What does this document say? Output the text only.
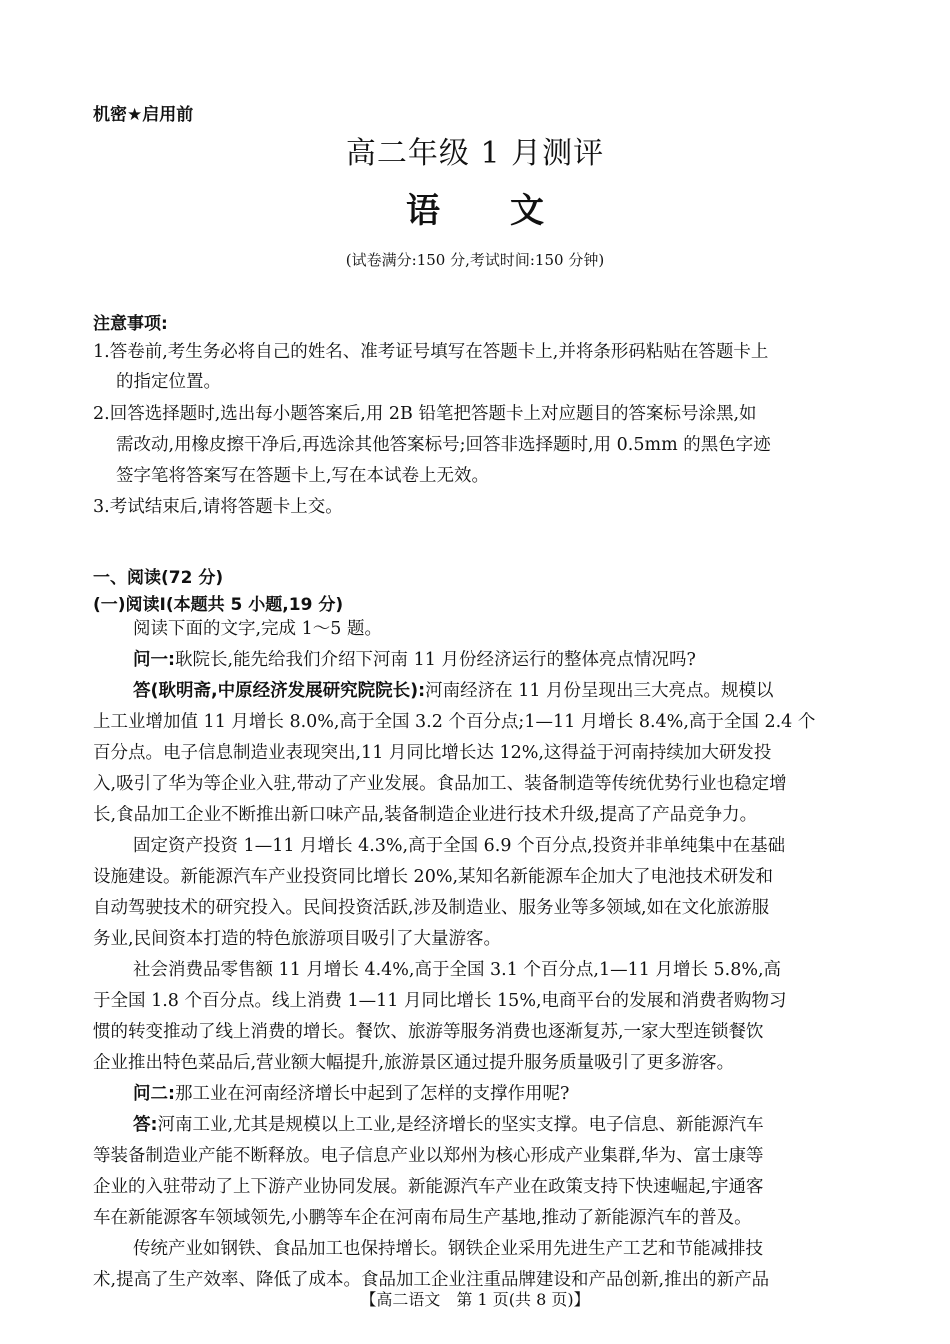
机密★启用前
高二年级 1 月测评
语 文
(试卷满分:150 分,考试时间:150 分钟)
注意事项:
1.答卷前,考生务必将自己的姓名、准考证号填写在答题卡上,并将条形码粘贴在答题卡上
的指定位置。
2.回答选择题时,选出每小题答案后,用 2B 铅笔把答题卡上对应题目的答案标号涂黑,如
需改动,用橡皮擦干净后,再选涂其他答案标号;回答非选择题时,用 0.5mm 的黑色字迹
签字笔将答案写在答题卡上,写在本试卷上无效。
3.考试结束后,请将答题卡上交。
一、阅读(72 分)
(一)阅读Ⅰ(本题共 5 小题,19 分)
阅读下面的文字,完成 1～5 题。
问一:耿院长,能先给我们介绍下河南 11 月份经济运行的整体亮点情况吗?
答(耿明斋,中原经济发展研究院院长):河南经济在 11 月份呈现出三大亮点。规模以
上工业增加值 11 月增长 8.0%,高于全国 3.2 个百分点;1—11 月增长 8.4%,高于全国 2.4 个
百分点。电子信息制造业表现突出,11 月同比增长达 12%,这得益于河南持续加大研发投
入,吸引了华为等企业入驻,带动了产业发展。食品加工、装备制造等传统优势行业也稳定增
长,食品加工企业不断推出新口味产品,装备制造企业进行技术升级,提高了产品竞争力。
固定资产投资 1—11 月增长 4.3%,高于全国 6.9 个百分点,投资并非单纯集中在基础
设施建设。新能源汽车产业投资同比增长 20%,某知名新能源车企加大了电池技术研发和
自动驾驶技术的研究投入。民间投资活跃,涉及制造业、服务业等多领域,如在文化旅游服
务业,民间资本打造的特色旅游项目吸引了大量游客。
社会消费品零售额 11 月增长 4.4%,高于全国 3.1 个百分点,1—11 月增长 5.8%,高
于全国 1.8 个百分点。线上消费 1—11 月同比增长 15%,电商平台的发展和消费者购物习
惯的转变推动了线上消费的增长。餐饮、旅游等服务消费也逐渐复苏,一家大型连锁餐饮
企业推出特色菜品后,营业额大幅提升,旅游景区通过提升服务质量吸引了更多游客。
问二:那工业在河南经济增长中起到了怎样的支撑作用呢?
答:河南工业,尤其是规模以上工业,是经济增长的坚实支撑。电子信息、新能源汽车
等装备制造业产能不断释放。电子信息产业以郑州为核心形成产业集群,华为、富士康等
企业的入驻带动了上下游产业协同发展。新能源汽车产业在政策支持下快速崛起,宇通客
车在新能源客车领域领先,小鹏等车企在河南布局生产基地,推动了新能源汽车的普及。
传统产业如钢铁、食品加工也保持增长。钢铁企业采用先进生产工艺和节能减排技
术,提高了生产效率、降低了成本。食品加工企业注重品牌建设和产品创新,推出的新产品
【高二语文　第 1 页(共 8 页)】
